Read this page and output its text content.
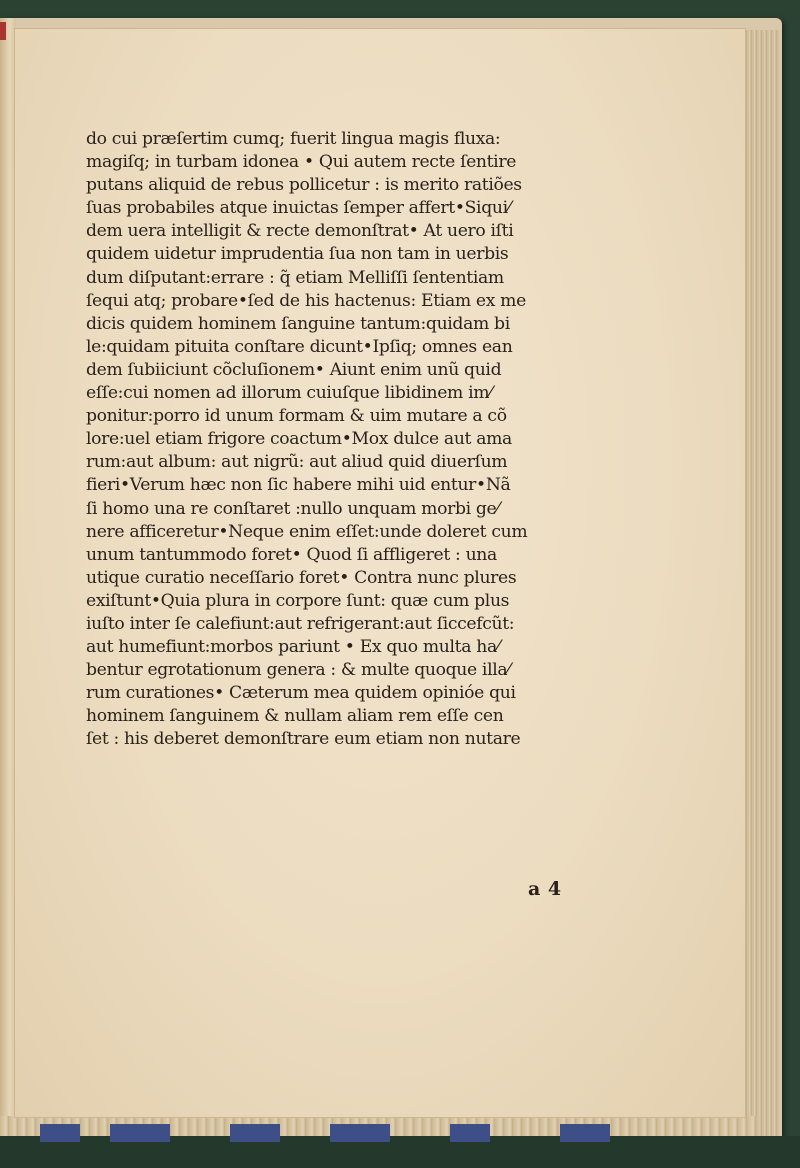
do cui præſertim cumq; fuerit lingua magis fluxa:
magiſq; in turbam idonea • Qui autem recte ſentire
putans aliquid de rebus pollicetur : is merito ratiões
ſuas probabiles atque inuictas ſemper affert•Siqui⁄
dem uera intelligit & recte demonſtrat• At uero iſti
quidem uidetur imprudentia ſua non tam in uerbis
dum diſputant:errare : q̃ etiam Melliſſi ſententiam
ſequi atq; probare•ſed de his hactenus: Etiam ex me
dicis quidem hominem ſanguine tantum:quidam bi
le:quidam pituita conſtare dicunt•Ipſiq; omnes ean
dem ſubiiciunt cõcluſionem• Aiunt enim unũ quid
eſſe:cui nomen ad illorum cuiuſque libidinem im⁄
ponitur:porro id unum formam & uim mutare a cõ
lore:uel etiam frigore coactum•Mox dulce aut ama
rum:aut album: aut nigrũ: aut aliud quid diuerſum
fieri•Verum hæc non ſic habere mihi uid entur•Nã
ſi homo una re conſtaret :nullo unquam morbi ge⁄
nere afficeretur•Neque enim eſſet:unde doleret cum
unum tantummodo foret• Quod ſi affligeret : una
utique curatio neceſſario foret• Contra nunc plures
exiſtunt•Quia plura in corpore ſunt: quæ cum plus
iuſto inter ſe calefiunt:aut refrigerant:aut ſiccefcũt:
aut humefiunt:morbos pariunt • Ex quo multa ha⁄
bentur egrotationum genera : & multe quoque illa⁄
rum curationes• Cæterum mea quidem opinióe qui
hominem ſanguinem & nullam aliam rem eſſe cen
ſet : his deberet demonſtrare eum etiam non nutare
a 4
